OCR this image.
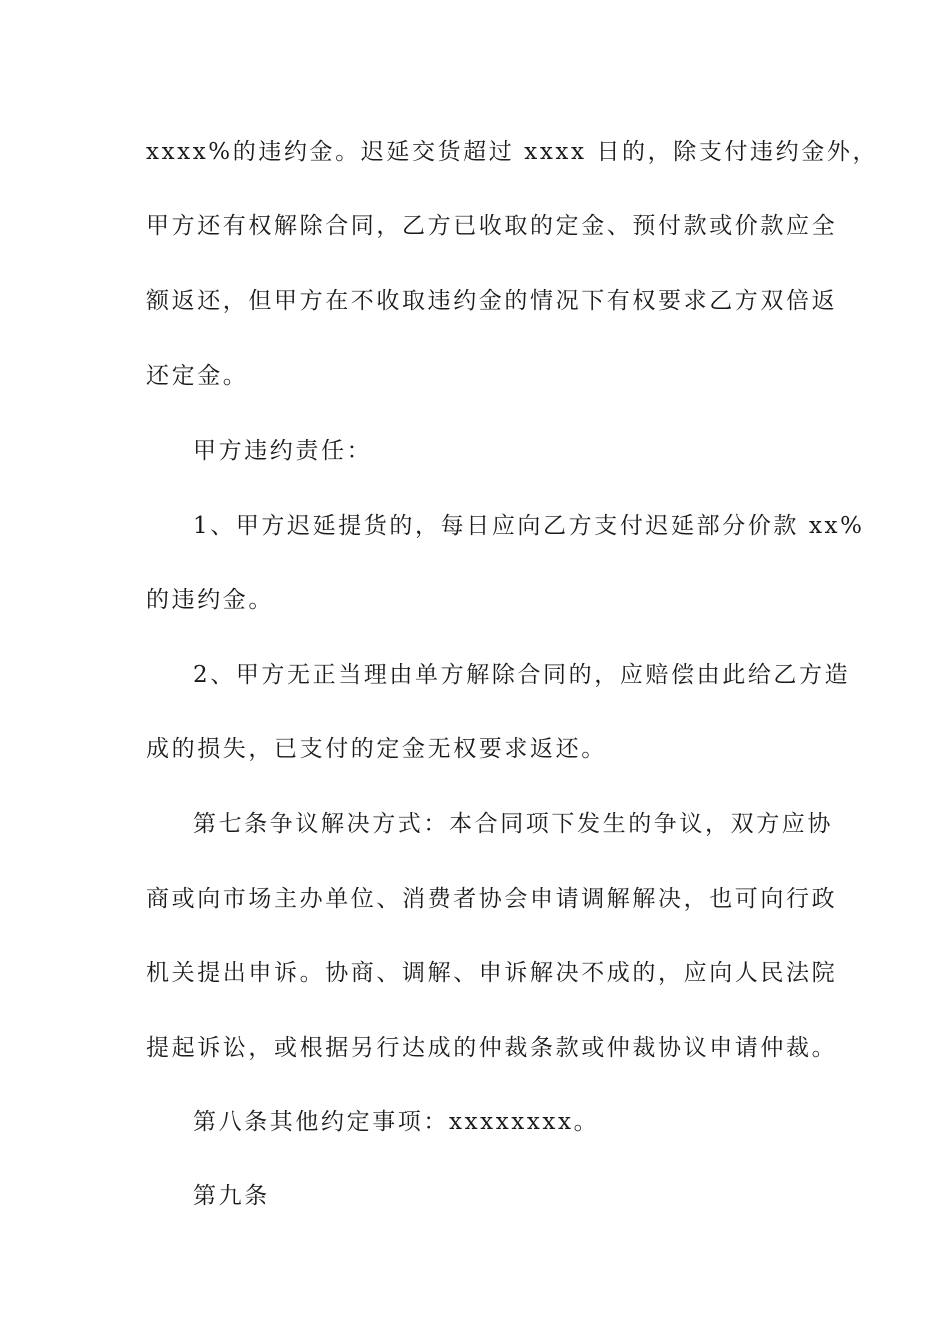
xxxx%的违约金。迟延交货超过 xxxx 日的，除支付违约金外，
甲方还有权解除合同，乙方已收取的定金、预付款或价款应全
额返还，但甲方在不收取违约金的情况下有权要求乙方双倍返
还定金。
甲方违约责任：
1、甲方迟延提货的，每日应向乙方支付迟延部分价款 xx%
的违约金。
2、甲方无正当理由单方解除合同的，应赔偿由此给乙方造
成的损失，已支付的定金无权要求返还。
第七条争议解决方式：本合同项下发生的争议，双方应协
商或向市场主办单位、消费者协会申请调解解决，也可向行政
机关提出申诉。协商、调解、申诉解决不成的，应向人民法院
提起诉讼，或根据另行达成的仲裁条款或仲裁协议申请仲裁。
第八条其他约定事项：xxxxxxxx。
第九条
